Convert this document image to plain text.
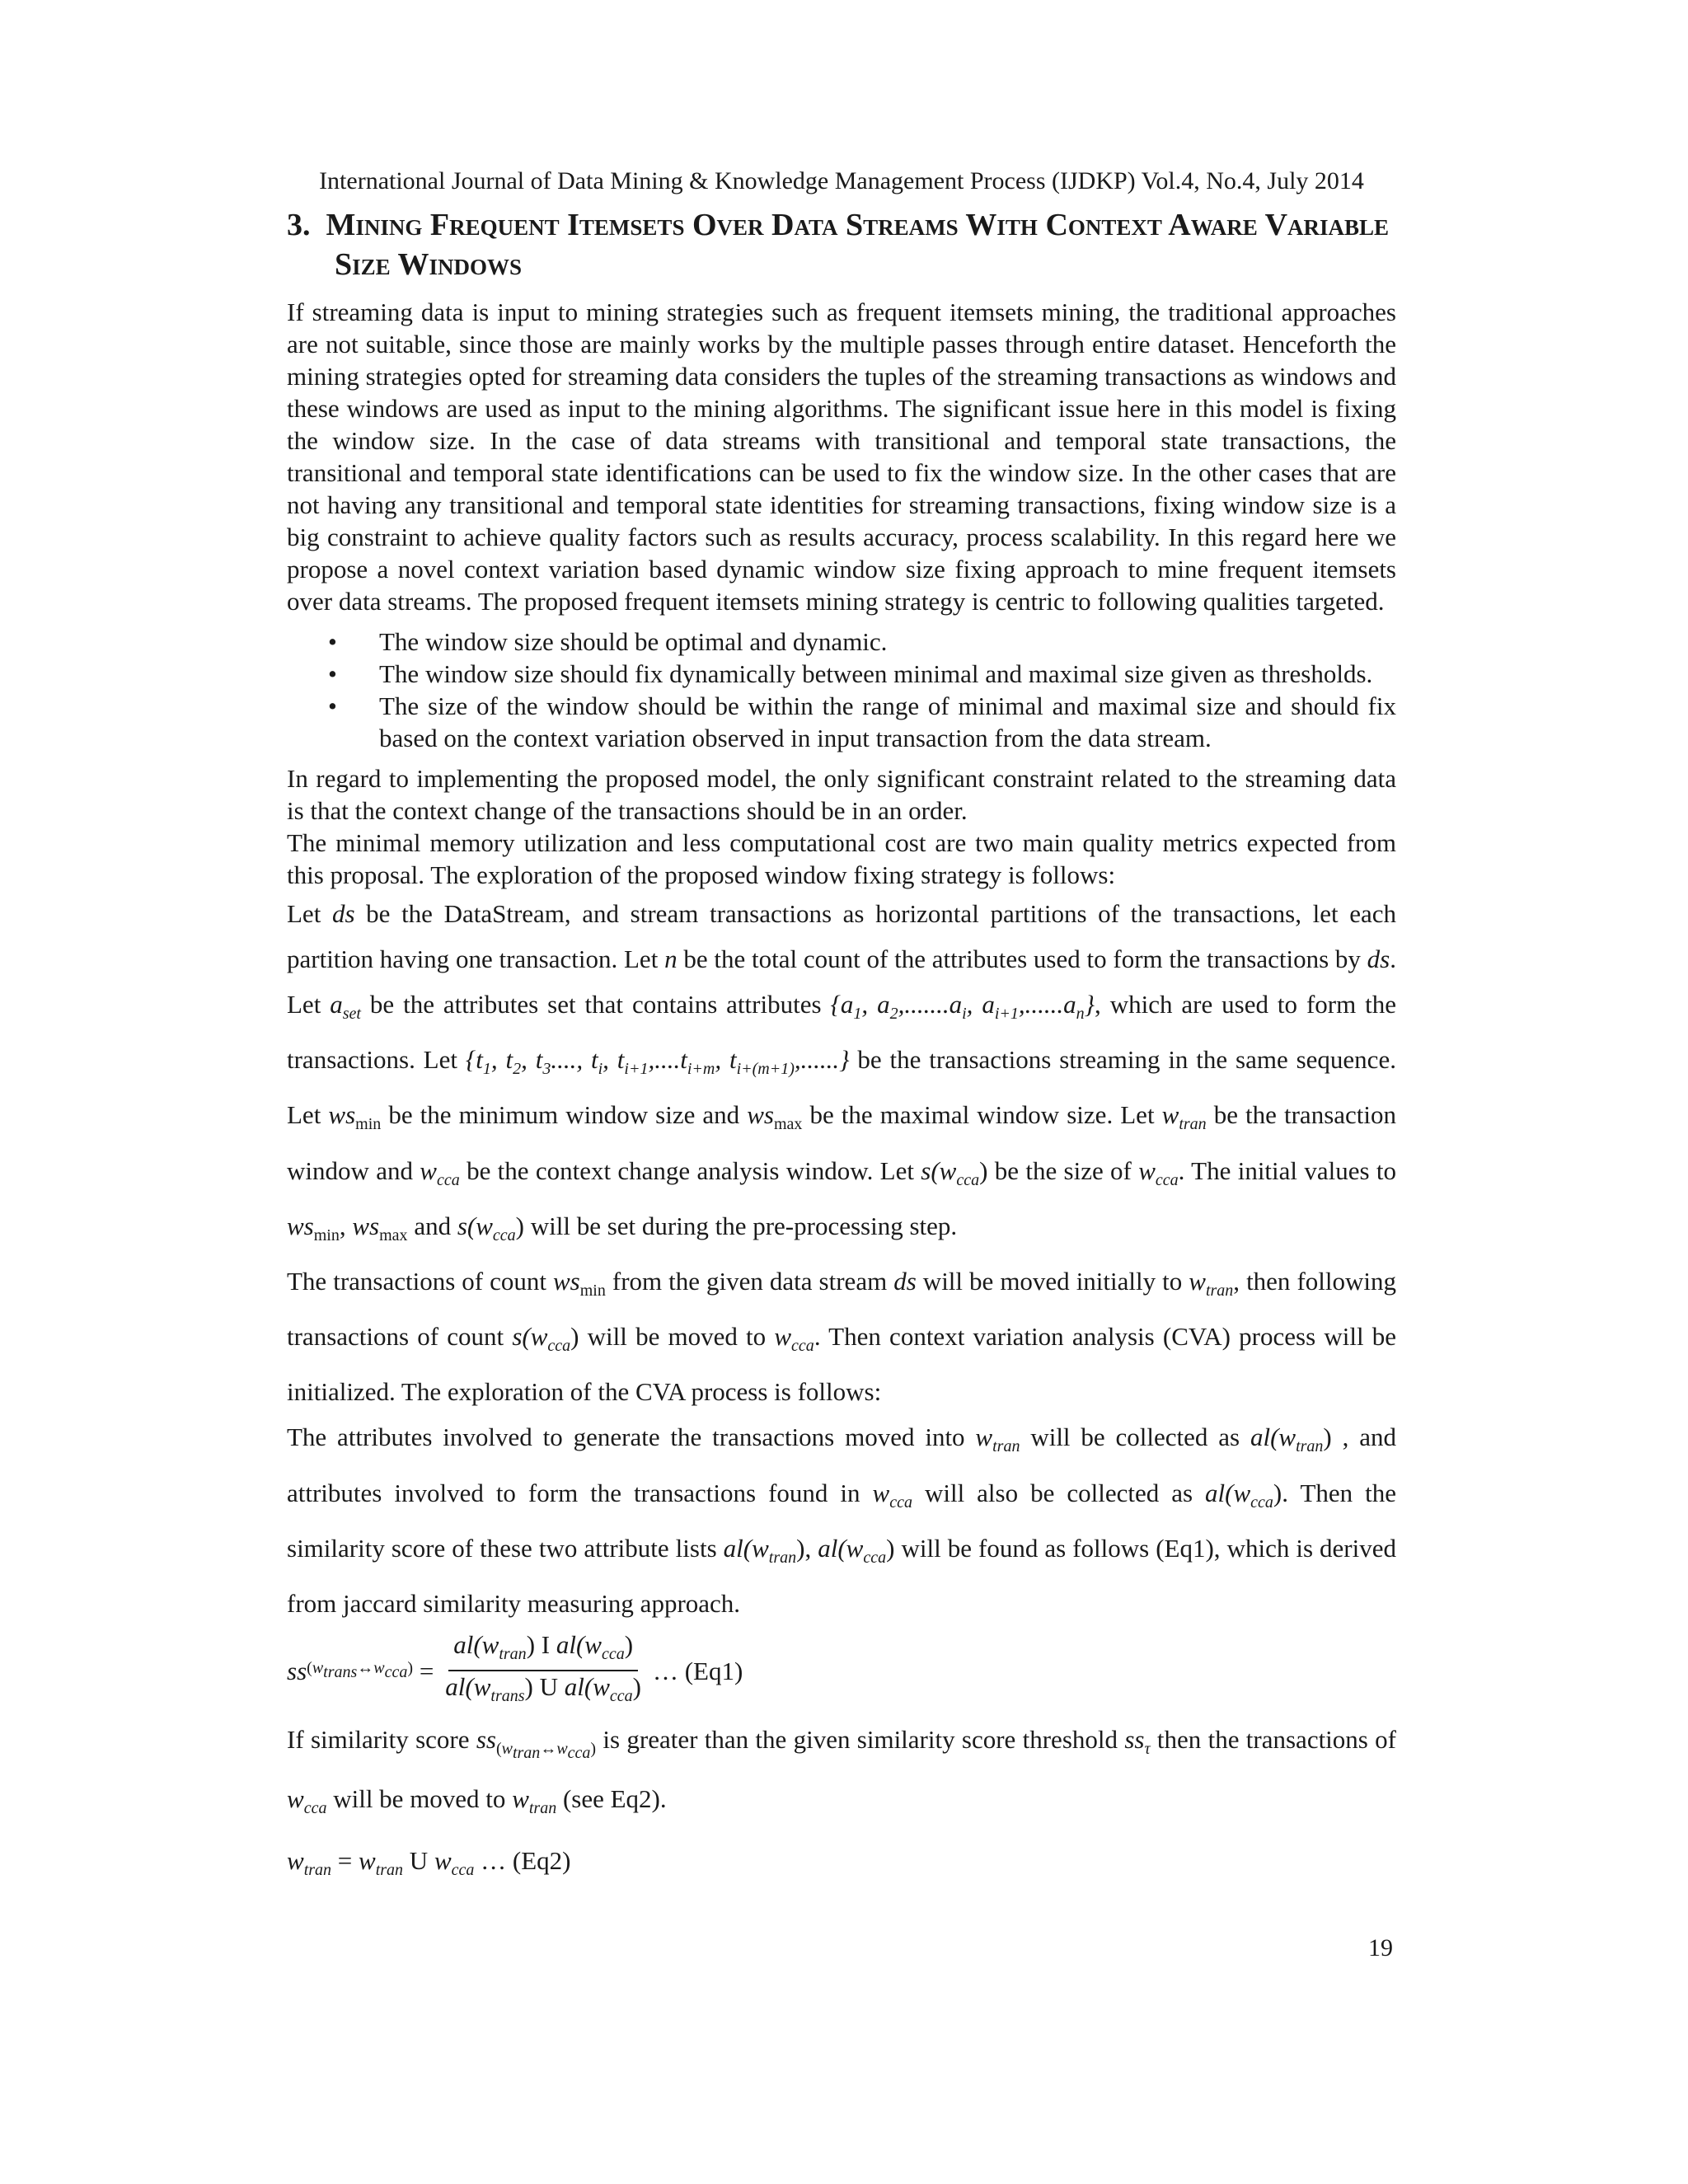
International Journal of Data Mining & Knowledge Management Process (IJDKP) Vol.4, No.4, July 2014
3. Mining Frequent Itemsets Over Data Streams With Context Aware Variable Size Windows

If streaming data is input to mining strategies such as frequent itemsets mining, the traditional approaches are not suitable, since those are mainly works by the multiple passes through entire dataset. Henceforth the mining strategies opted for streaming data considers the tuples of the streaming transactions as windows and these windows are used as input to the mining algorithms. The significant issue here in this model is fixing the window size. In the case of data streams with transitional and temporal state transactions, the transitional and temporal state identifications can be used to fix the window size. In the other cases that are not having any transitional and temporal state identities for streaming transactions, fixing window size is a big constraint to achieve quality factors such as results accuracy, process scalability. In this regard here we propose a novel context variation based dynamic window size fixing approach to mine frequent itemsets over data streams. The proposed frequent itemsets mining strategy is centric to following qualities targeted.

• The window size should be optimal and dynamic.
• The window size should fix dynamically between minimal and maximal size given as thresholds.
• The size of the window should be within the range of minimal and maximal size and should fix based on the context variation observed in input transaction from the data stream.

In regard to implementing the proposed model, the only significant constraint related to the streaming data is that the context change of the transactions should be in an order.

The minimal memory utilization and less computational cost are two main quality metrics expected from this proposal. The exploration of the proposed window fixing strategy is follows:

Let ds be the DataStream, and stream transactions as horizontal partitions of the transactions, let each partition having one transaction. Let n be the total count of the attributes used to form the transactions by ds. Let $a_{set}$ be the attributes set that contains attributes {$a_1$, $a_2,.......a_i$, $a_{i+1},......a_n$}, which are used to form the transactions. Let {$t_1$, $t_2$, $t_3$...., $t_i$, $t_{i+1},....t_{i+m}$, $t_{i+(m+1)}$,......} be the transactions streaming in the same sequence. Let $ws_{min}$ be the minimum window size and $ws_{max}$ be the maximal window size. Let $w_{tran}$ be the transaction window and $w_{cca}$ be the context change analysis window. Let $s(w_{cca})$ be the size of $w_{cca}$. The initial values to $ws_{min}$, $ws_{max}$ and $s(w_{cca})$ will be set during the pre-processing step.

The transactions of count $ws_{min}$ from the given data stream ds will be moved initially to $w_{tran}$, then following transactions of count $s(w_{cca})$ will be moved to $w_{cca}$. Then context variation analysis (CVA) process will be initialized. The exploration of the CVA process is follows:

The attributes involved to generate the transactions moved into $w_{tran}$ will be collected as $al(w_{tran})$ , and attributes involved to form the transactions found in $w_{cca}$ will also be collected as $al(w_{cca})$. Then the similarity score of these two attribute lists $al(w_{tran})$, $al(w_{cca})$ will be found as follows (Eq1), which is derived from jaccard similarity measuring approach.

ss $(w_{trans}\leftrightarrow w_{cca})$
= $\frac{al(w_{tran}) I al(w_{cca})}{al(w_{trans}) U al(w_{cca})}$ … (Eq1)

If similarity score $ss_{(w_{tran}\leftrightarrow w_{cca})}$ is greater than the given similarity score threshold $ss_\tau$ then the transactions of $w_{cca}$ will be moved to $w_{tran}$ (see Eq2).

$w_{tran} = w_{tran}$ U $w_{cca}$ … (Eq2)
19
